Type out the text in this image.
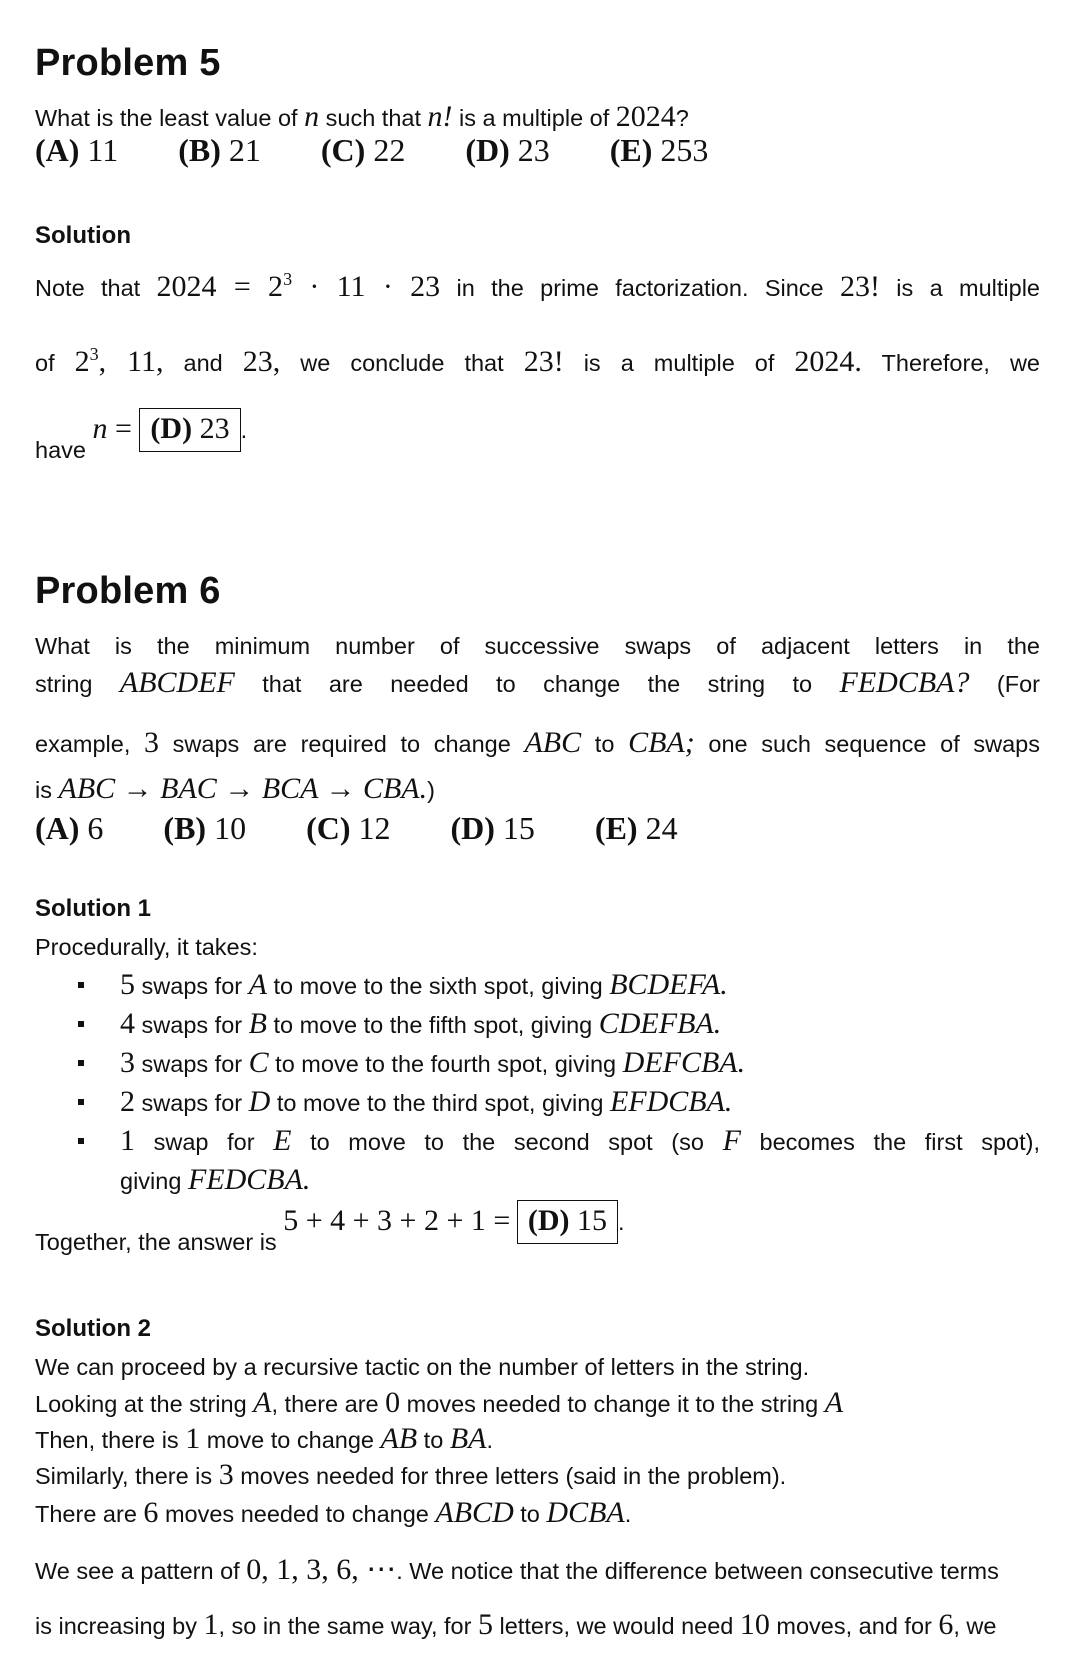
Problem 5
What is the least value of n such that n! is a multiple of 2024?
(A) 11 (B) 21 (C) 22 (D) 23 (E) 253
Solution
Note that $2024 = 2^3 \cdot 11 \cdot 23$ in the prime factorization. Since 23! is a multiple
of $2^3$, 11, and 23, we conclude that 23! is a multiple of 2024. Therefore, we
have n = (D) 23 .
Problem 6
What is the minimum number of successive swaps of adjacent letters in the
string ABCDEF that are needed to change the string to FEDCBA? (For
example, 3 swaps are required to change ABC to CBA; one such sequence of swaps
is ABC → BAC → BCA → CBA.)
(A) 6 (B) 10 (C) 12 (D) 15 (E) 24
Solution 1
Procedurally, it takes:
5 swaps for A to move to the sixth spot, giving BCDEFA.
4 swaps for B to move to the fifth spot, giving CDEFBA.
3 swaps for C to move to the fourth spot, giving DEFCBA.
2 swaps for D to move to the third spot, giving EFDCBA.
1 swap for E to move to the second spot (so F becomes the first spot),
giving FEDCBA.
Together, the answer is 5 + 4 + 3 + 2 + 1 = (D) 15 .
Solution 2
We can proceed by a recursive tactic on the number of letters in the string.
Looking at the string A, there are 0 moves needed to change it to the string A
Then, there is 1 move to change AB to BA.
Similarly, there is 3 moves needed for three letters (said in the problem).
There are 6 moves needed to change ABCD to DCBA.
We see a pattern of 0, 1, 3, 6, ⋯. We notice that the difference between consecutive terms
is increasing by 1, so in the same way, for 5 letters, we would need 10 moves, and for 6, we
